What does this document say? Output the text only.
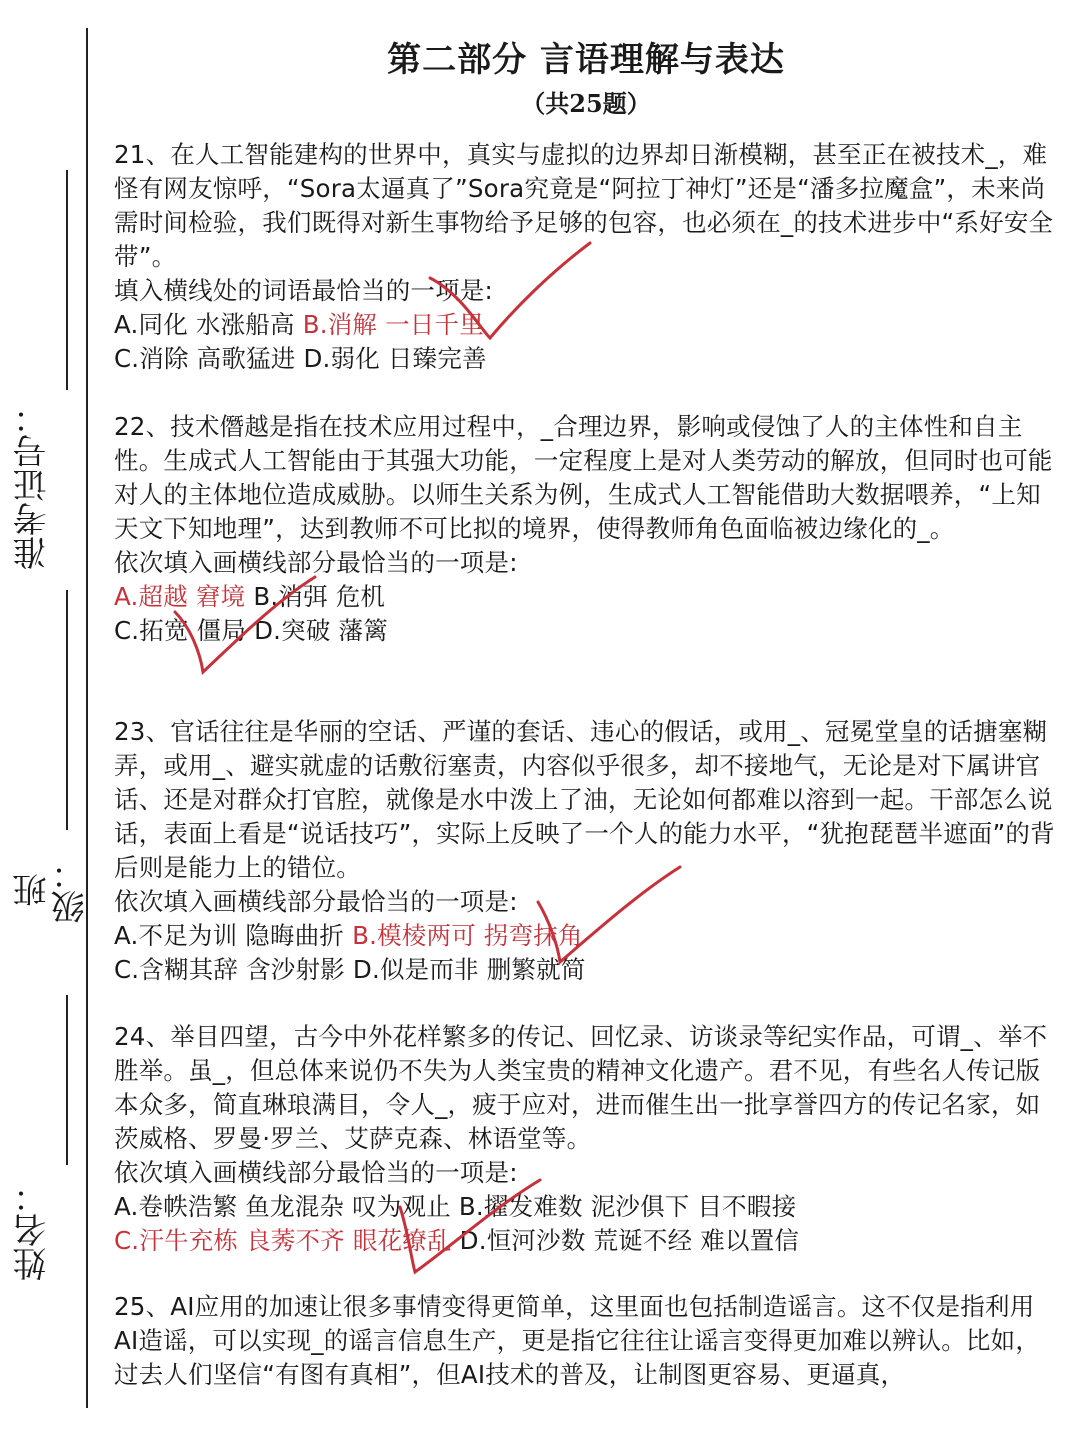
准考证号：
班级：
姓名：
第二部分 言语理解与表达
（共25题）

21、在人工智能建构的世界中，真实与虚拟的边界却日渐模糊，甚至正在被技术_，难怪有网友惊呼，“Sora太逼真了”Sora究竟是“阿拉丁神灯”还是“潘多拉魔盒”，未来尚需时间检验，我们既得对新生事物给予足够的包容，也必须在_的技术进步中“系好安全带”。

填入横线处的词语最恰当的一项是:

A.同化 水涨船高 B.消解 一日千里

C.消除 高歌猛进 D.弱化 日臻完善

22、技术僭越是指在技术应用过程中，_合理边界，影响或侵蚀了人的主体性和自主性。生成式人工智能由于其强大功能，一定程度上是对人类劳动的解放，但同时也可能对人的主体地位造成威胁。以师生关系为例，生成式人工智能借助大数据喂养，“上知天文下知地理”，达到教师不可比拟的境界，使得教师角色面临被边缘化的_。

依次填入画横线部分最恰当的一项是:

A.超越 窘境 B.消弭 危机

C.拓宽 僵局 D.突破 藩篱

23、官话往往是华丽的空话、严谨的套话、违心的假话，或用_、冠冕堂皇的话搪塞糊弄，或用_、避实就虚的话敷衍塞责，内容似乎很多，却不接地气，无论是对下属讲官话、还是对群众打官腔，就像是水中泼上了油，无论如何都难以溶到一起。干部怎么说话，表面上看是“说话技巧”，实际上反映了一个人的能力水平，“犹抱琵琶半遮面”的背后则是能力上的错位。

依次填入画横线部分最恰当的一项是:

A.不足为训 隐晦曲折 B.模棱两可 拐弯抹角

C.含糊其辞 含沙射影 D.似是而非 删繁就简

24、举目四望，古今中外花样繁多的传记、回忆录、访谈录等纪实作品，可谓_、举不胜举。虽_，但总体来说仍不失为人类宝贵的精神文化遗产。君不见，有些名人传记版本众多，简直琳琅满目，令人_，疲于应对，进而催生出一批享誉四方的传记名家，如茨威格、罗曼·罗兰、艾萨克森、林语堂等。

依次填入画横线部分最恰当的一项是:

A.卷帙浩繁 鱼龙混杂 叹为观止 B.擢发难数 泥沙俱下 目不暇接

C.汗牛充栋 良莠不齐 眼花缭乱 D.恒河沙数 荒诞不经 难以置信

25、AI应用的加速让很多事情变得更简单，这里面也包括制造谣言。这不仅是指利用AI造谣，可以实现_的谣言信息生产，更是指它往往让谣言变得更加难以辨认。比如，过去人们坚信“有图有真相”，但AI技术的普及，让制图更容易、更逼真，
